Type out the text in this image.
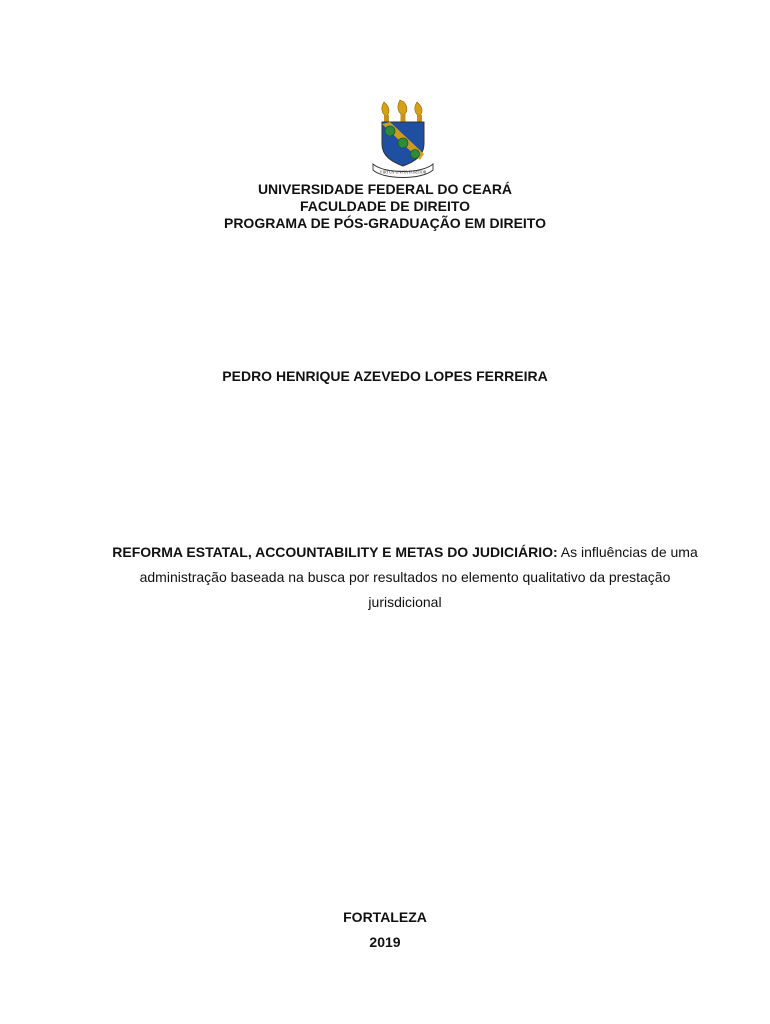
VIRTUS UNITA FORTIOR
UNIVERSIDADE FEDERAL DO CEARÁ
FACULDADE DE DIREITO
PROGRAMA DE PÓS-GRADUAÇÃO EM DIREITO
PEDRO HENRIQUE AZEVEDO LOPES FERREIRA
REFORMA ESTATAL, ACCOUNTABILITY E METAS DO JUDICIÁRIO: As influências de uma administração baseada na busca por resultados no elemento qualitativo da prestação jurisdicional
FORTALEZA
2019
